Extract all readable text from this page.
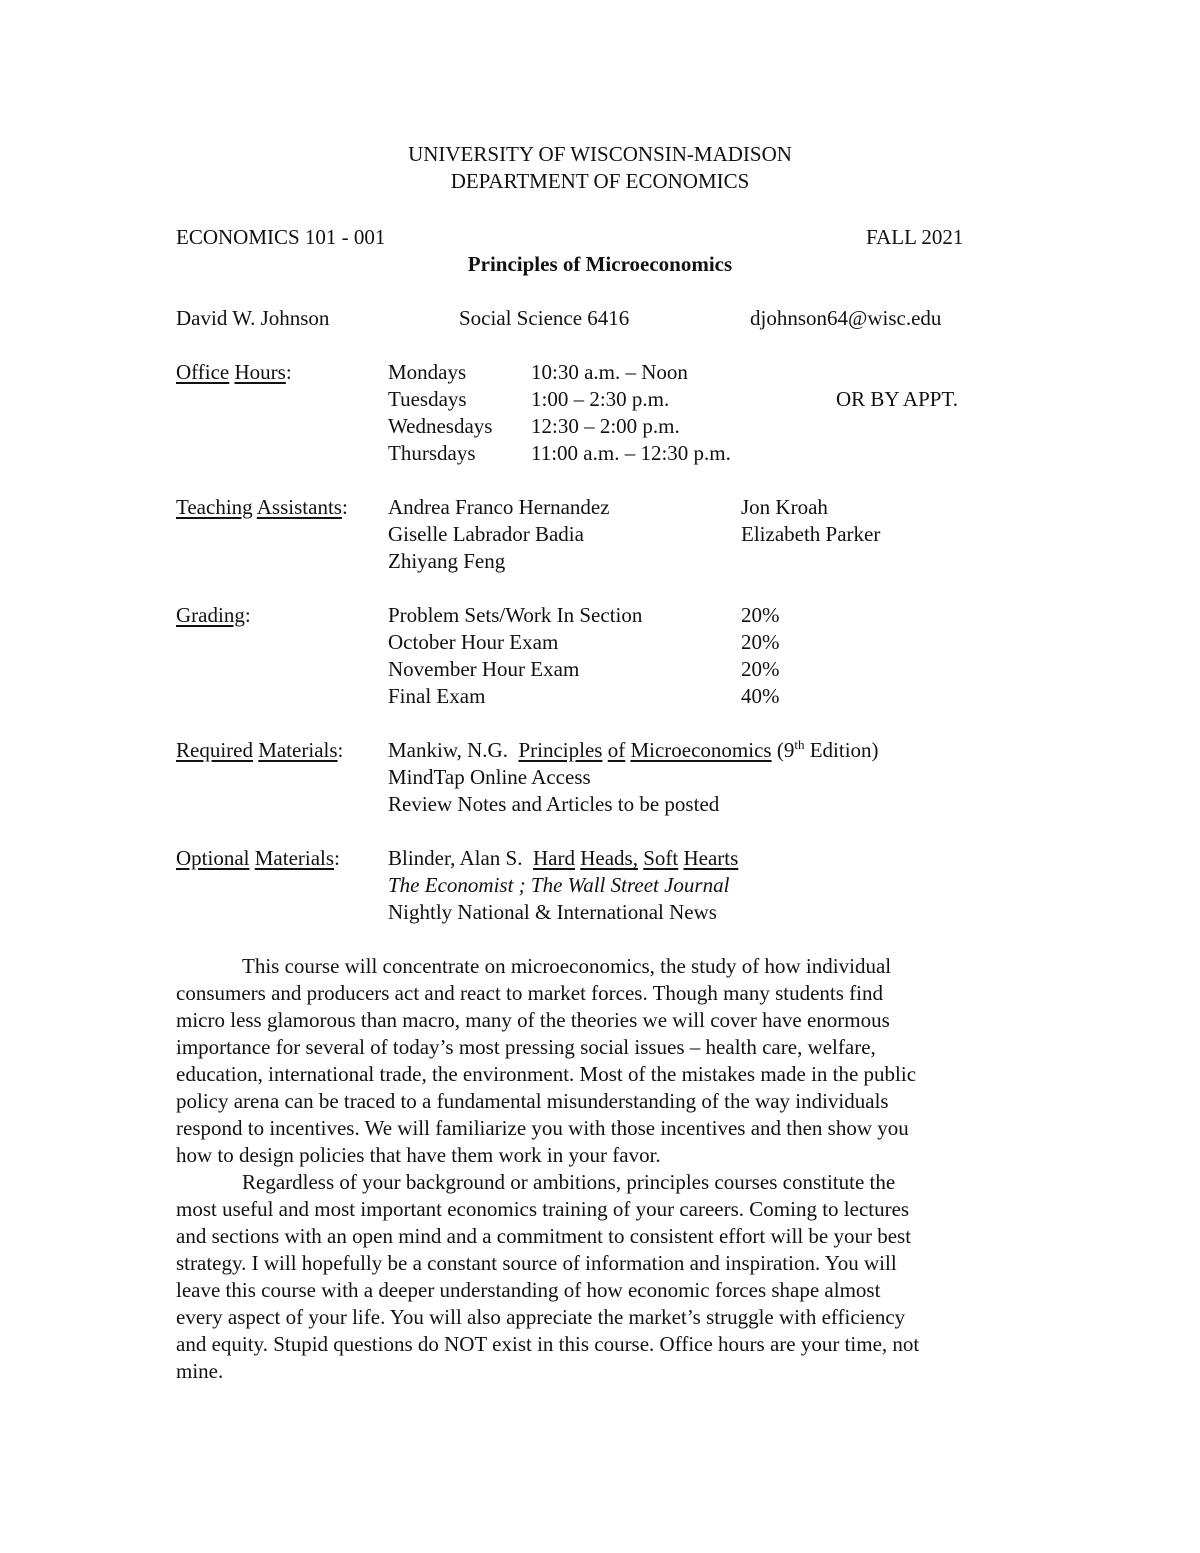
UNIVERSITY OF WISCONSIN-MADISON
DEPARTMENT OF ECONOMICS
ECONOMICS 101 - 001	FALL 2021
Principles of Microeconomics
David W. Johnson	Social Science 6416	djohnson64@wisc.edu
Office Hours:	Mondays	10:30 a.m. – Noon
Tuesdays	1:00 – 2:30 p.m.	OR BY APPT.
Wednesdays 12:30 – 2:00 p.m.
Thursdays	11:00 a.m. – 12:30 p.m.
Teaching Assistants: Andrea Franco Hernandez	Jon Kroah
Giselle Labrador Badia	Elizabeth Parker
Zhiyang Feng
Grading:	Problem Sets/Work In Section	20%
October Hour Exam	20%
November Hour Exam	20%
Final Exam	40%
Required Materials: Mankiw, N.G. Principles of Microeconomics (9th Edition)
MindTap Online Access
Review Notes and Articles to be posted
Optional Materials: Blinder, Alan S. Hard Heads, Soft Hearts
The Economist ; The Wall Street Journal
Nightly National & International News

This course will concentrate on microeconomics, the study of how individual
consumers and producers act and react to market forces. Though many students find
micro less glamorous than macro, many of the theories we will cover have enormous
importance for several of today’s most pressing social issues – health care, welfare,
education, international trade, the environment. Most of the mistakes made in the public
policy arena can be traced to a fundamental misunderstanding of the way individuals
respond to incentives. We will familiarize you with those incentives and then show you
how to design policies that have them work in your favor.

Regardless of your background or ambitions, principles courses constitute the
most useful and most important economics training of your careers. Coming to lectures
and sections with an open mind and a commitment to consistent effort will be your best
strategy. I will hopefully be a constant source of information and inspiration. You will
leave this course with a deeper understanding of how economic forces shape almost
every aspect of your life. You will also appreciate the market’s struggle with efficiency
and equity. Stupid questions do NOT exist in this course. Office hours are your time, not
mine.
